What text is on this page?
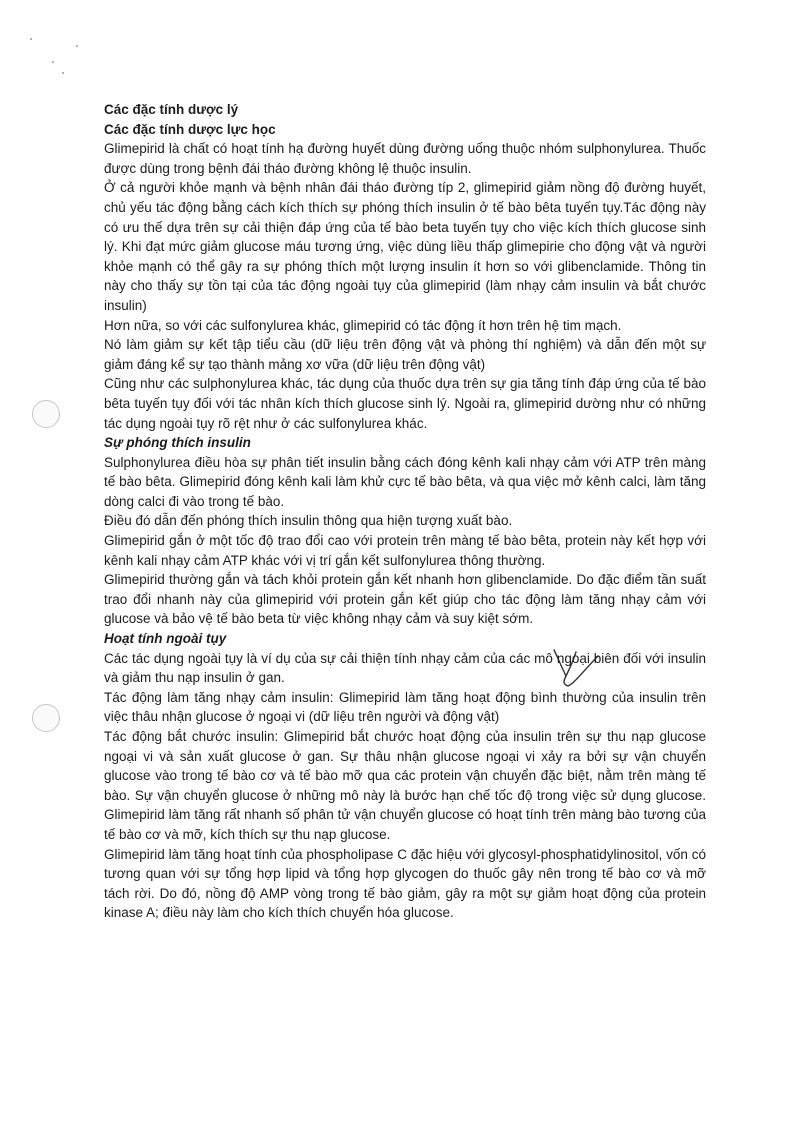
Các đặc tính dược lý

Các đặc tính dược lực học

Glimepirid là chất có hoạt tính hạ đường huyết dùng đường uống thuộc nhóm sulphonylurea. Thuốc được dùng trong bệnh đái tháo đường không lệ thuộc insulin.

Ở cả người khỏe mạnh và bệnh nhân đái tháo đường típ 2, glimepirid giảm nồng độ đường huyết, chủ yếu tác động bằng cách kích thích sự phóng thích insulin ở tế bào bêta tuyến tụy.Tác động này có ưu thế dựa trên sự cải thiện đáp ứng của tế bào beta tuyến tụy cho việc kích thích glucose sinh lý. Khi đạt mức giảm glucose máu tương ứng, việc dùng liều thấp glimepirie cho động vật và người khỏe mạnh có thể gây ra sự phóng thích một lượng insulin ít hơn so với glibenclamide. Thông tin này cho thấy sự tồn tại của tác động ngoài tụy của glimepirid (làm nhạy cảm insulin và bắt chước insulin)

Hơn nữa, so với các sulfonylurea khác, glimepirid có tác động ít hơn trên hệ tim mạch.

Nó làm giảm sự kết tập tiểu cầu (dữ liệu trên động vật và phòng thí nghiệm) và dẫn đến một sự giảm đáng kể sự tạo thành mảng xơ vữa (dữ liệu trên động vật)

Cũng như các sulphonylurea khác, tác dụng của thuốc dựa trên sự gia tăng tính đáp ứng của tế bào bêta tuyến tụy đối với tác nhân kích thích glucose sinh lý. Ngoài ra, glimepirid dường như có những tác dụng ngoài tụy rõ rệt như ở các sulfonylurea khác.

Sự phóng thích insulin

Sulphonylurea điều hòa sự phân tiết insulin bằng cách đóng kênh kali nhạy cảm với ATP trên màng tế bào bêta. Glimepirid đóng kênh kali làm khử cực tế bào bêta, và qua việc mở kênh calci, làm tăng dòng calci đi vào trong tế bào.

Điều đó dẫn đến phóng thích insulin thông qua hiện tượng xuất bào.

Glimepirid gắn ở một tốc độ trao đổi cao với protein trên màng tế bào bêta, protein này kết hợp với kênh kali nhạy cảm ATP khác với vị trí gắn kết sulfonylurea thông thường.

Glimepirid thường gắn và tách khỏi protein gắn kết nhanh hơn glibenclamide. Do đặc điểm tần suất trao đổi nhanh này của glimepirid với protein gắn kết giúp cho tác động làm tăng nhạy cảm với glucose và bảo vệ tế bào beta từ việc không nhạy cảm và suy kiệt sớm.

Hoạt tính ngoài tụy

Các tác dụng ngoài tụy là ví dụ của sự cải thiện tính nhạy cảm của các mô ngoại biên đối với insulin và giảm thu nạp insulin ở gan.

Tác động làm tăng nhạy cảm insulin: Glimepirid làm tăng hoạt động bình thường của insulin trên việc thâu nhận glucose ở ngoại vi (dữ liệu trên người và động vật)

Tác động bắt chước insulin: Glimepirid bắt chước hoạt động của insulin trên sự thu nạp glucose ngoại vi và sản xuất glucose ở gan. Sự thâu nhận glucose ngoại vi xảy ra bởi sự vận chuyển glucose vào trong tế bào cơ và tế bào mỡ qua các protein vận chuyển đặc biệt, nằm trên màng tế bào. Sự vận chuyển glucose ở những mô này là bước hạn chế tốc độ trong việc sử dụng glucose. Glimepirid làm tăng rất nhanh số phân tử vận chuyển glucose có hoạt tính trên màng bào tương của tế bào cơ và mỡ, kích thích sự thu nạp glucose.

Glimepirid làm tăng hoạt tính của phospholipase C đặc hiệu với glycosyl-phosphatidylinositol, vốn có tương quan với sự tổng hợp lipid và tổng hợp glycogen do thuốc gây nên trong tế bào cơ và mỡ tách rời. Do đó, nồng độ AMP vòng trong tế bào giảm, gây ra một sự giảm hoạt động của protein kinase A; điều này làm cho kích thích chuyển hóa glucose.
